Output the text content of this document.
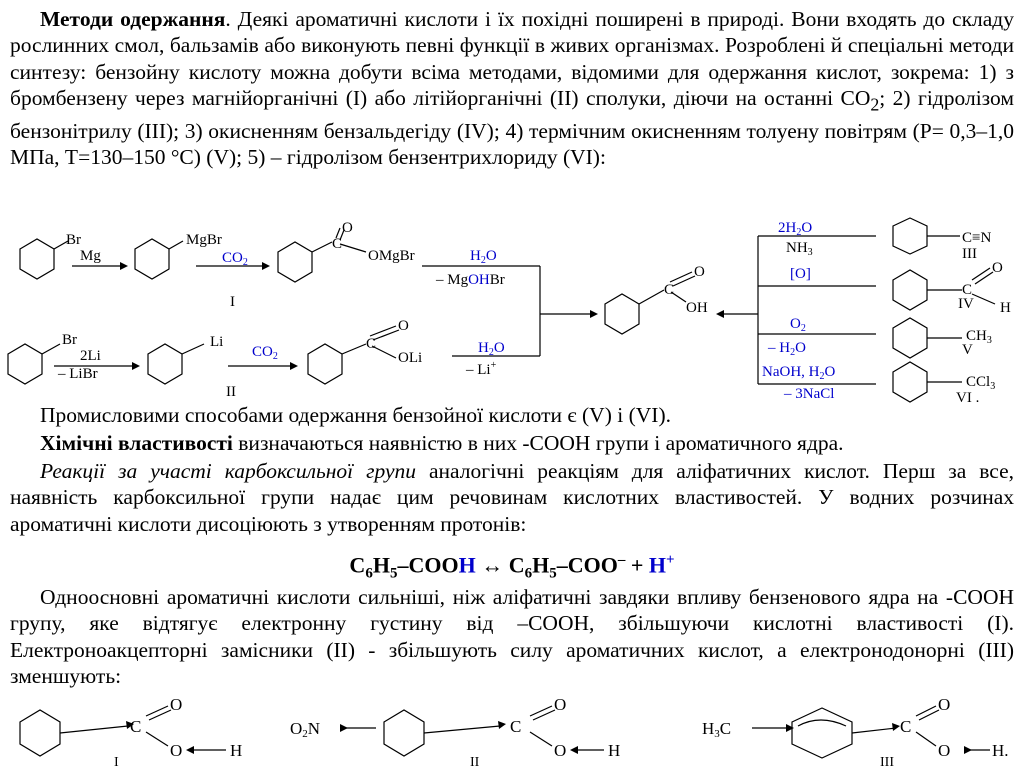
Методи одержання. Деякі ароматичні кислоти і їх похідні поширені в природі. Вони входять до складу рослинних смол, бальзамів або виконують певні функції в живих організмах. Розроблені й спеціальні методи синтезу: бензойну кислоту можна добути всіма методами, відомими для одержання кислот, зокрема: 1) з бромбензену через магнійорганічні (I) або літійорганічні (II) сполуки, діючи на останні $СО_2$; 2) гідролізом бензонітрилу (III); 3) окисненням бензальдегіду (IV); 4) термічним окисненням толуену повітрям (Р= 0,3–1,0 МПа, Т=130–150 °С) (V); 5) – гідролізом бензентрихлориду (VI):

Br
Mg
MgBr
$CO_2$
C
O
OMgBr
I
$H_2O$
– MgOHBr
Br
2Li
– LiBr
Li
$CO_2$
C
O
OLi
II
$H_2O$
– Li+
C
O
OH
$2H_2O$
$NH_3$
[O]
$O_2$
– $H_2O$
NaOH, $H_2O$
– 3NaCl
C≡N
III
C
O
H
IV
$CH_3$
V
CCl$_3$
VI .

Промисловими способами одержання бензойної кислоти є (V) і (VI).

Хімічні властивості визначаються наявністю в них -СООН групи і ароматичного ядра.

Реакції за участі карбоксильної групи аналогічні реакціям для аліфатичних кислот. Перш за все, наявність карбоксильної групи надає цим речовинам кислотних властивостей. У водних розчинах ароматичні кислоти дисоціюють з утворенням протонів:

$C_6H_5$–COOH ↔ $C_6H_5-COO^- + H^+$

Одноосновні ароматичні кислоти сильніші, ніж аліфатичні завдяки впливу бензенового ядра на -СООН групу, яке відтягує електронну густину від –СООН, збільшуючи кислотні властивості (I). Електроноакцепторні замісники (II) - збільшують силу ароматичних кислот, а електронодонорні (III) зменшують:

C
O
O	H
I
O2N	C
O
O H
II
H3C	C
O
O H.
III
